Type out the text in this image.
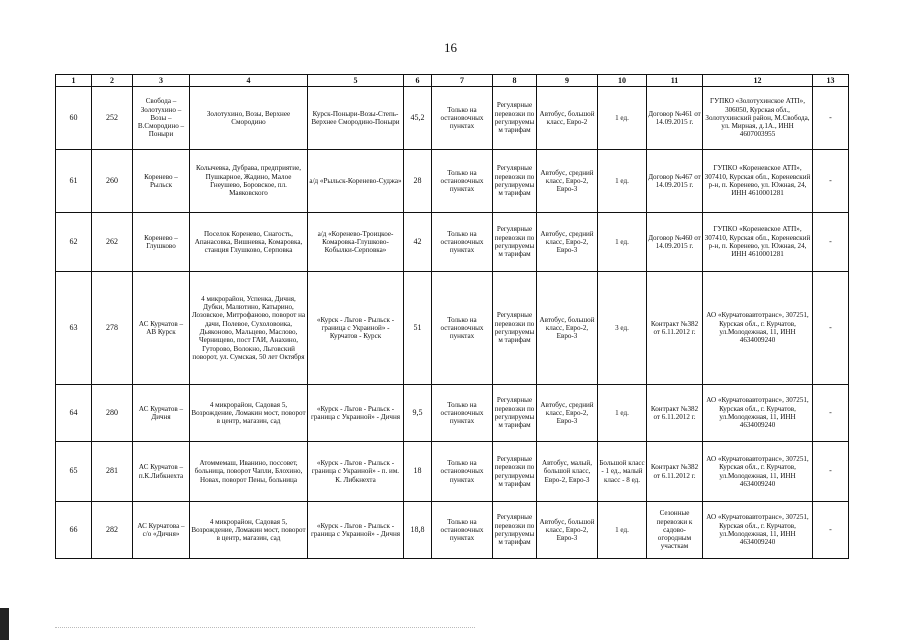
16
1	2	3	4	5	6	7	8	9	10	11	12	13
60	252	Свобода – Золотухино – Возы – В.Смородино – Поныри	Золотухино, Возы, Верхнее Смородино	Курск-Поныри-Возы-Степь-Верхнее Смородино-Поныри	45,2	Только на остановочных пунктах	Регулярные перевозки по регулируемым тарифам	Автобус, большой класс, Евро-2	1 ед.	Договор №461 от 14.09.2015 г.	ГУПКО «Золотухинское АТП», 306050, Курская обл., Золотухинский район, М.Свобода, ул. Мирная, д.1А., ИНН 4607003955	-
61	260	Коренево – Рыльск	Колычевка, Дубрава, предприятие, Пушкарное, Жадино, Малое Гнеушево, Боровское, пл. Маяковского	а/д «Рыльск-Коренево-Суджа»	28	Только на остановочных пунктах	Регулярные перевозки по регулируемым тарифам	Автобус, средний класс, Евро-2, Евро-3	1 ед.	Договор №467 от 14.09.2015 г.	ГУПКО «Кореневское АТП», 307410, Курская обл., Кореневский р-н, п. Коренево, ул. Южная, 24, ИНН 4610001281	-
62	262	Коренево – Глушково	Поселок Коренево, Снагость, Апанасовка, Вишневка, Комаровка, станция Глушково, Серповка	а/д «Коренево-Троицкое-Комаровка-Глушково-Кобылки-Серповка»	42	Только на остановочных пунктах	Регулярные перевозки по регулируемым тарифам	Автобус, средний класс, Евро-2, Евро-3	1 ед.	Договор №460 от 14.09.2015 г.	ГУПКО «Кореневское АТП», 307410, Курская обл., Кореневский р-н, п. Коренево, ул. Южная, 24, ИНН 4610001281	-
63	278	АС Курчатов – АВ Курск	4 микрорайон, Успенка, Дичня, Дубки, Малютино, Катырино, Лозовское, Митрофаново, поворот на дачи, Полевое, Сухоловоика, Дьяконово, Мальцево, Маслово, Чернищево, пост ГАИ, Анахино, Гуторово, Волокно, Льговский поворот, ул. Сумская, 50 лет Октября	«Курск - Льгов - Рыльск - граница с Украиной» - Курчатов - Курск	51	Только на остановочных пунктах	Регулярные перевозки по регулируемым тарифам	Автобус, большой класс, Евро-2, Евро-3	3 ед.	Контракт №382 от 6.11.2012 г.	АО «Курчатовавтотранс», 307251, Курская обл., г. Курчатов, ул.Молодежная, 11, ИНН 4634009240	-
64	280	АС Курчатов – Дичня	4 микрорайон, Садовая 5, Возрождение, Ломакин мост, поворот в центр, магазин, сад	«Курск - Льгов - Рыльск - граница с Украиной» - Дичня	9,5	Только на остановочных пунктах	Регулярные перевозки по регулируемым тарифам	Автобус, средний класс, Евро-2, Евро-3	1 ед.	Контракт №382 от 6.11.2012 г.	АО «Курчатовавтотранс», 307251, Курская обл., г. Курчатов, ул.Молодежная, 11, ИНН 4634009240	-
65	281	АС Курчатов – п.К.Либкнехта	Атоммемаш, Иванино, поссовет, больница, поворот Чапли, Блохино, Новах, поворот Пены, больница	«Курск - Льгов - Рыльск - граница с Украиной» - п. им. К. Либкнехта	18	Только на остановочных пунктах	Регулярные перевозки по регулируемым тарифам	Автобус, малый, большой класс, Евро-2, Евро-3	Большой класс - 1 ед., малый класс - 8 ед.	Контракт №382 от 6.11.2012 г.	АО «Курчатовавтотранс», 307251, Курская обл., г. Курчатов, ул.Молодежная, 11, ИНН 4634009240	-
66	282	АС Курчатова – с/о «Дичня»	4 микрорайон, Садовая 5, Возрождение, Ломакин мост, поворот в центр, магазин, сад	«Курск - Льгов - Рыльск - граница с Украиной» - Дичня	18,8	Только на остановочных пунктах	Регулярные перевозки по регулируемым тарифам	Автобус, большой класс, Евро-2, Евро-3	1 ед.	Сезонные перевозки к садово-огородным участкам	АО «Курчатовавтотранс», 307251, Курская обл., г. Курчатов, ул.Молодежная, 11, ИНН 4634009240	-
